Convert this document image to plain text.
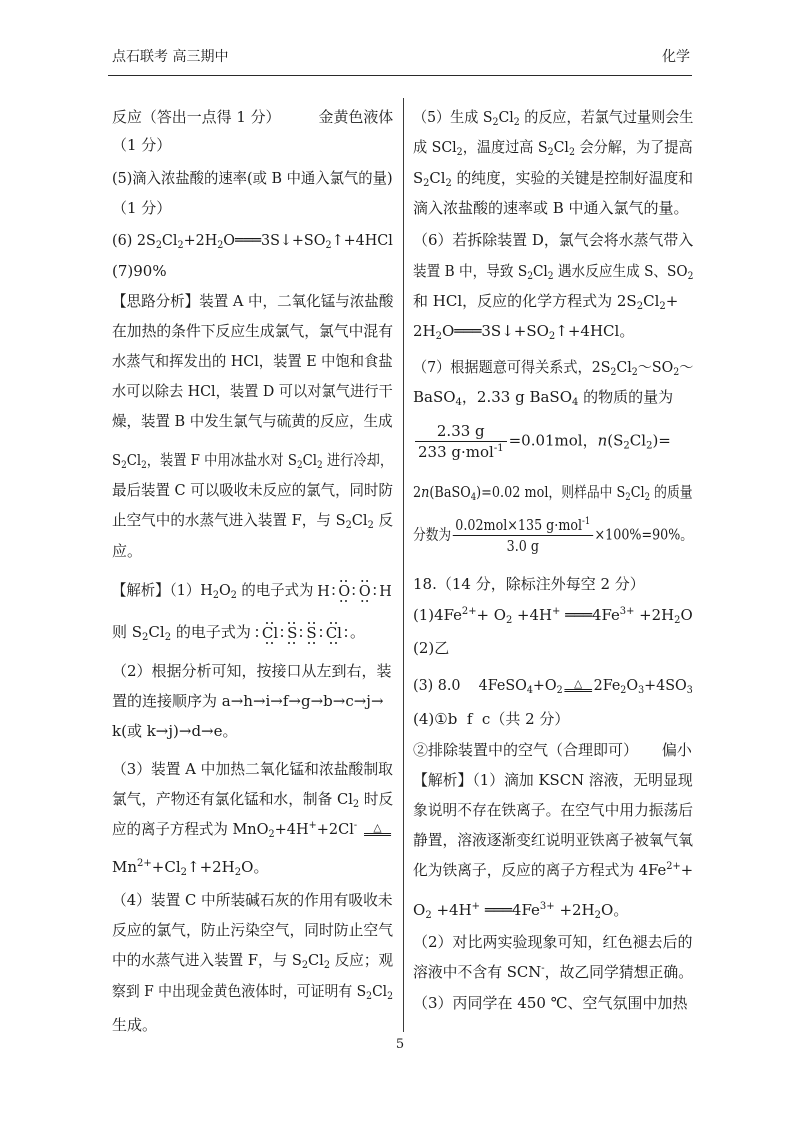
点石联考 高三期中	化学
反应（答出一点得 1 分）        金黄色液体
（1 分）
(5)滴入浓盐酸的速率(或 B 中通入氯气的量)
（1 分）
(6) $2S_2Cl_2+2H_2O═══3S↓+SO_2↑+4HCl$
(7)90%
【思路分析】装置 A 中，二氧化锰与浓盐酸
在加热的条件下反应生成氯气，氯气中混有
水蒸气和挥发出的 HCl，装置 E 中饱和食盐
水可以除去 HCl，装置 D 可以对氯气进行干
燥，装置 B 中发生氯气与硫黄的反应，生成
$S_2Cl_2$，装置 F 中用冰盐水对 $S_2Cl_2$ 进行冷却，
最后装置 C 可以吸收未反应的氯气，同时防
止空气中的水蒸气进入装置 F，与 $S_2Cl_2$ 反
应。
【解析】$(1)H_2O_2$ 的电子式为 H O O H
则 $S_2Cl_2$ 的电子式为 Cl S S Cl 。
（2）根据分析可知，按接口从左到右，装
置的连接顺序为 a→h→i→f→g→b→c→j→
k(或 k→j)→d→e。
（3）装置 A 中加热二氧化锰和浓盐酸制取
氯气，产物还有氯化锰和水，制备 $Cl_2$ 时反
应的离子方程式为 MnO$_2$+4H++2Cl- △
$Mn^{2+}+Cl_2↑+2H_2O$。
（4）装置 C 中所装碱石灰的作用有吸收未
反应的氯气，防止污染空气，同时防止空气
中的水蒸气进入装置 F，与 $S_2Cl_2$ 反应；观
察到 F 中出现金黄色液体时，可证明有 $S_2Cl_2$
生成。
（5）生成 $S_2Cl_2$ 的反应，若氯气过量则会生
成 SCl$_2$，温度过高 $S_2Cl_2$ 会分解，为了提高
$S_2Cl_2$ 的纯度，实验的关键是控制好温度和
滴入浓盐酸的速率或 B 中通入氯气的量。
（6）若拆除装置 D，氯气会将水蒸气带入
装置 B 中，导致 $S_2Cl_2$ 遇水反应生成 S、$SO_2$
和 HCl，反应的化学方程式为 $2S_2Cl_2+$
$2H_2O═══3S↓+SO_2↑+4HCl$。
（7）根据题意可得关系式，$2S_2Cl_2\sim SO_2\sim$
BaSO$_4$，2.33 g BaSO$_4$ 的物质的量为
$\frac{2.33 g}{233 g\cdot mol^{-1}} =0.01mol$，$n(S_2Cl_2)=$
2n(BaSO$_4$)=0.02 mol，则样品中 $S_2Cl_2$ 的质量
分数为 $\frac{0.02mol\times 135 g\cdot mol^{-1}}{3.0 g} \times 100\%=90\%$。
18.（14 分，除标注外每空 2 分）
$(1)4Fe^{2+}+ O_2 +4H^+$ $═══4Fe^{3+} +2H_2O$
(2)乙
(3) 8.0    $4FeSO_4+O_2\triangle$ $2Fe_2O_3+4SO_3$
(4)①b  f  c（共 2 分）
②排除装置中的空气（合理即可）     偏小
【解析】（1）滴加 KSCN 溶液，无明显现
象说明不存在铁离子。在空气中用力振荡后
静置，溶液逐渐变红说明亚铁离子被氧气氧
化为铁离子，反应的离子方程式为 $4Fe^{2+}+$
$O_2 +4H^+$ $═══4Fe^{3+} +2H_2O$。
（2）对比两实验现象可知，红色褪去后的
溶液中不含有 SCN-，故乙同学猜想正确。
（3）丙同学在 450 ℃、空气氛围中加热
5
